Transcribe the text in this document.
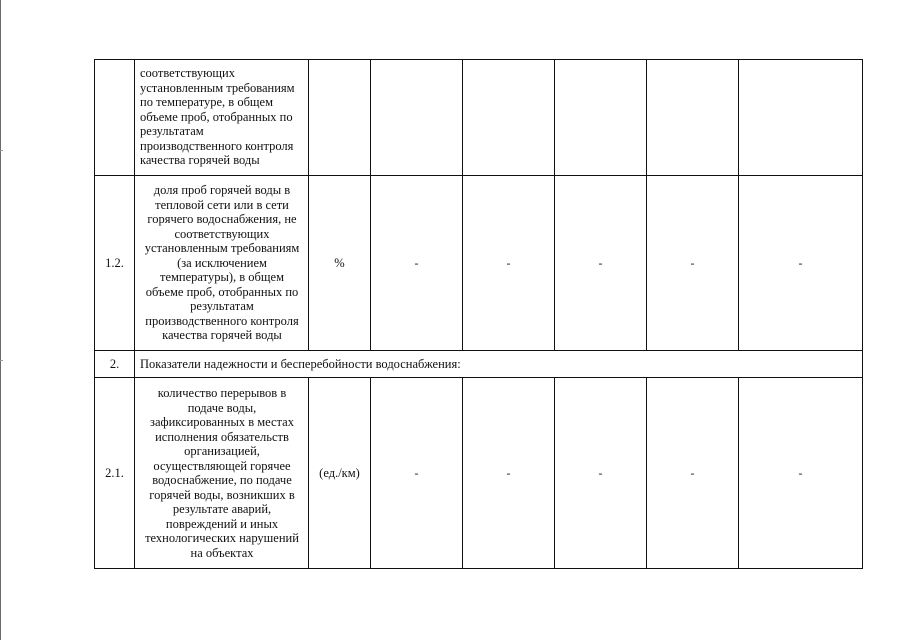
	соответствующих установленным требованиям по температуре, в общем объеме проб, отобранных по результатам производственного контроля качества горячей воды						
1.2.	доля проб горячей воды в тепловой сети или в сети горячего водоснабжения, не соответствующих установленным требованиям (за исключением температуры), в общем объеме проб, отобранных по результатам производственного контроля качества горячей воды	%	-	-	-	-	-
2.	Показатели надежности и бесперебойности водоснабжения:						
2.1.	количество перерывов в подаче воды, зафиксированных в местах исполнения обязательств организацией, осуществляющей горячее водоснабжение, по подаче горячей воды, возникших в результате аварий, повреждений и иных технологических нарушений на объектах	(ед./км)	-	-	-	-	-
